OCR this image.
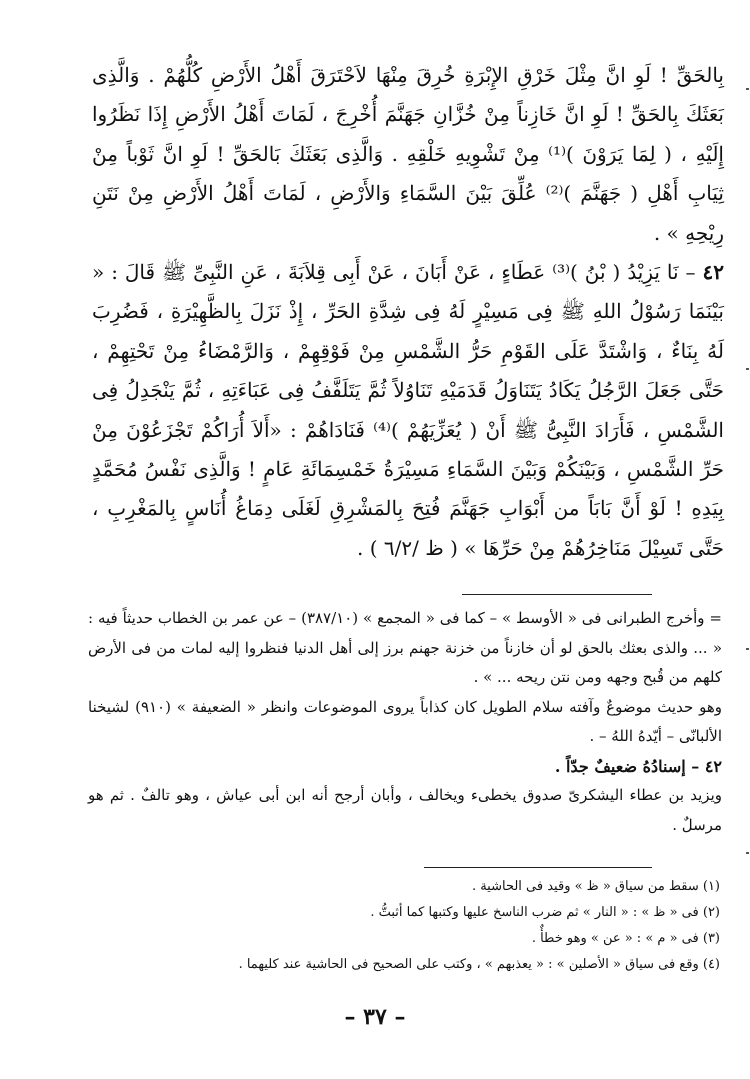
بِالحَقِّ ! لَوِ انَّ مِثْلَ خَرْقِ الإِبْرَةِ خُرِقَ مِنْهَا لاَحْتَرَقَ أَهْلُ الأَرْضِ كُلُّهُمْ . وَالَّذِى بَعَثَكَ بِالحَقِّ ! لَوِ انَّ خَازِناً مِنْ خُزَّانِ جَهَنَّمَ أُخْرِجَ ، لَمَاتَ أَهْلُ الأَرْضِ إِذَا نَظَرُوا إِلَيْهِ ، ( لِمَا يَرَوْنَ )⁽¹⁾ مِنْ تَشْوِيهِ خَلْقِهِ . وَالَّذِى بَعَثَكَ بَالحَقِّ ! لَوِ انَّ ثَوْباً مِنْ ثِيَابِ أَهْلِ ( جَهَنَّمَ )⁽²⁾ عُلِّقَ بَيْنَ السَّمَاءِ وَالأَرْضِ ، لَمَاتَ أَهْلُ الأَرْضِ مِنْ نَتَنِ رِيْحِهِ » .

٤٢ – نَا يَزِيْدُ ( بْنُ )⁽³⁾ عَطَاءٍ ، عَنْ أَبَانَ ، عَنْ أَبِى قِلاَبَةَ ، عَنِ النَّبِىِّ ﷺ قَالَ : « بَيْنَمَا رَسُوْلُ اللهِ ﷺ فِى مَسِيْرٍ لَهُ فِى شِدَّةِ الحَرِّ ، إِذْ نَزَلَ بِالظَّهِيْرَةِ ، فَضُرِبَ لَهُ بِنَاءٌ ، وَاشْتَدَّ عَلَى القَوْمِ حَرُّ الشَّمْسِ مِنْ فَوْقِهِمْ ، وَالرَّمْضَاءُ مِنْ تَحْتِهِمْ ، حَتَّى جَعَلَ الرَّجُلُ يَكَادُ يَتَنَاوَلُ قَدَمَيْهِ تَنَاوُلاً ثُمَّ يَتَلَفَّفُ فِى عَبَاءَتِهِ ، ثُمَّ يَنْجَدِلُ فِى الشَّمْسِ ، فَأَرَادَ النَّبِىُّ ﷺ أَنْ ( يُعَزِّيَهُمْ )⁽⁴⁾ فَنَادَاهُمْ : «أَلاَ أُرَاكُمْ تَجْزَعُوْنَ مِنْ حَرِّ الشَّمْسِ ، وَبَيْنَكُمْ وَبَيْنَ السَّمَاءِ مَسِيْرَةُ خَمْسِمَائَةِ عَامٍ ! وَالَّذِى نَفْسُ مُحَمَّدٍ بِيَدِهِ ! لَوْ أَنَّ بَابَاً من أَبْوَابِ جَهَنَّمَ فُتِحَ بِالمَشْرِقِ لَغَلَى دِمَاغُ أُنَاسٍ بِالمَغْرِبِ ، حَتَّى تَسِيْلَ مَنَاخِرُهُمْ مِنْ حَرِّهَا » ( ظ /٦/٢ ) .

= وأخرج الطبرانى فى « الأوسط » – كما فى « المجمع » (٣٨٧/١٠) – عن عمر بن الخطاب حديثاً فيه : « ... والذى بعثك بالحق لو أن خازناً من خزنة جهنم برز إلى أهل الدنيا فنظروا إليه لمات من فى الأرض كلهم من قُبح وجهه ومن نتن ريحه ... » .

وهو حديث موضوعٌ وآفته سلام الطويل كان كذاباً يروى الموضوعات وانظر « الضعيفة » (٩١٠) لشيخنا الألبانّى – أيّدهُ اللهُ – .

٤٢ – إسنادُهُ ضعيفٌ جدّاً .

ويزيد بن عطاء اليشكرىّ صدوق يخطىء ويخالف ، وأبان أرجح أنه ابن أبى عياش ، وهو تالفٌ . ثم هو مرسلٌ .

(١) سقط من سياق « ظ » وقيد فى الحاشية .

(٢) فى « ظ » : « النار » ثم ضرب الناسخ عليها وكتبها كما أثبتُّ .

(٣) فى « م » : « عن » وهو خطأٌ .

(٤) وقع فى سياق « الأصلين » : « يعذبهم » ، وكتب على الصحيح فى الحاشية عند كليهما .

– ٣٧ –
